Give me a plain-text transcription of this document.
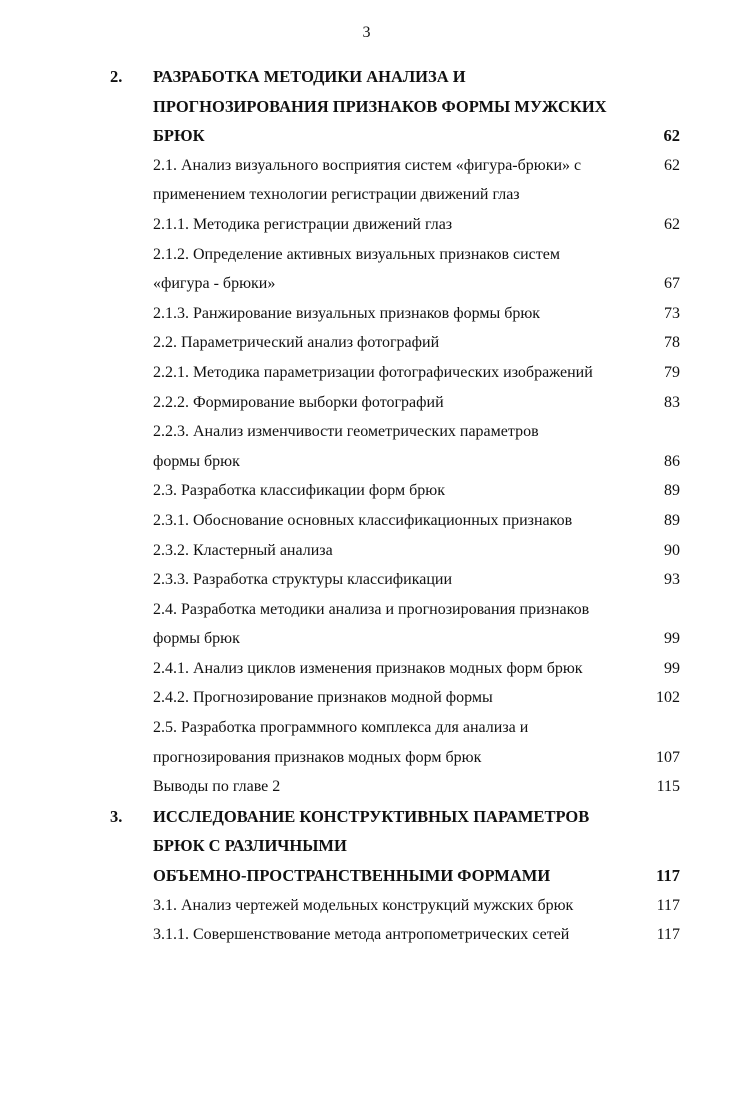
3
2. РАЗРАБОТКА МЕТОДИКИ АНАЛИЗА И
ПРОГНОЗИРОВАНИЯ ПРИЗНАКОВ ФОРМЫ МУЖСКИХ
БРЮК	62
2.1. Анализ визуального восприятия систем «фигура-брюки» с	62
применением технологии регистрации движений глаз
2.1.1. Методика регистрации движений глаз	62
2.1.2. Определение активных визуальных признаков систем
«фигура - брюки»	67
2.1.3. Ранжирование визуальных признаков формы брюк	73
2.2. Параметрический анализ фотографий	78
2.2.1. Методика параметризации фотографических изображений	79
2.2.2. Формирование выборки фотографий	83
2.2.3. Анализ изменчивости геометрических параметров
формы брюк	86
2.3. Разработка классификации форм брюк	89
2.3.1. Обоснование основных классификационных признаков	89
2.3.2. Кластерный анализа	90
2.3.3. Разработка структуры классификации	93
2.4. Разработка методики анализа и прогнозирования признаков
формы брюк	99
2.4.1. Анализ циклов изменения признаков модных форм брюк	99
2.4.2. Прогнозирование признаков модной формы	102
2.5. Разработка программного комплекса для анализа и
прогнозирования признаков модных форм брюк	107
Выводы по главе 2	115
3. ИССЛЕДОВАНИЕ КОНСТРУКТИВНЫХ ПАРАМЕТРОВ
БРЮК С РАЗЛИЧНЫМИ
ОБЪЕМНО-ПРОСТРАНСТВЕННЫМИ ФОРМАМИ	117
3.1. Анализ чертежей модельных конструкций мужских брюк	117
3.1.1. Совершенствование метода антропометрических сетей	117
